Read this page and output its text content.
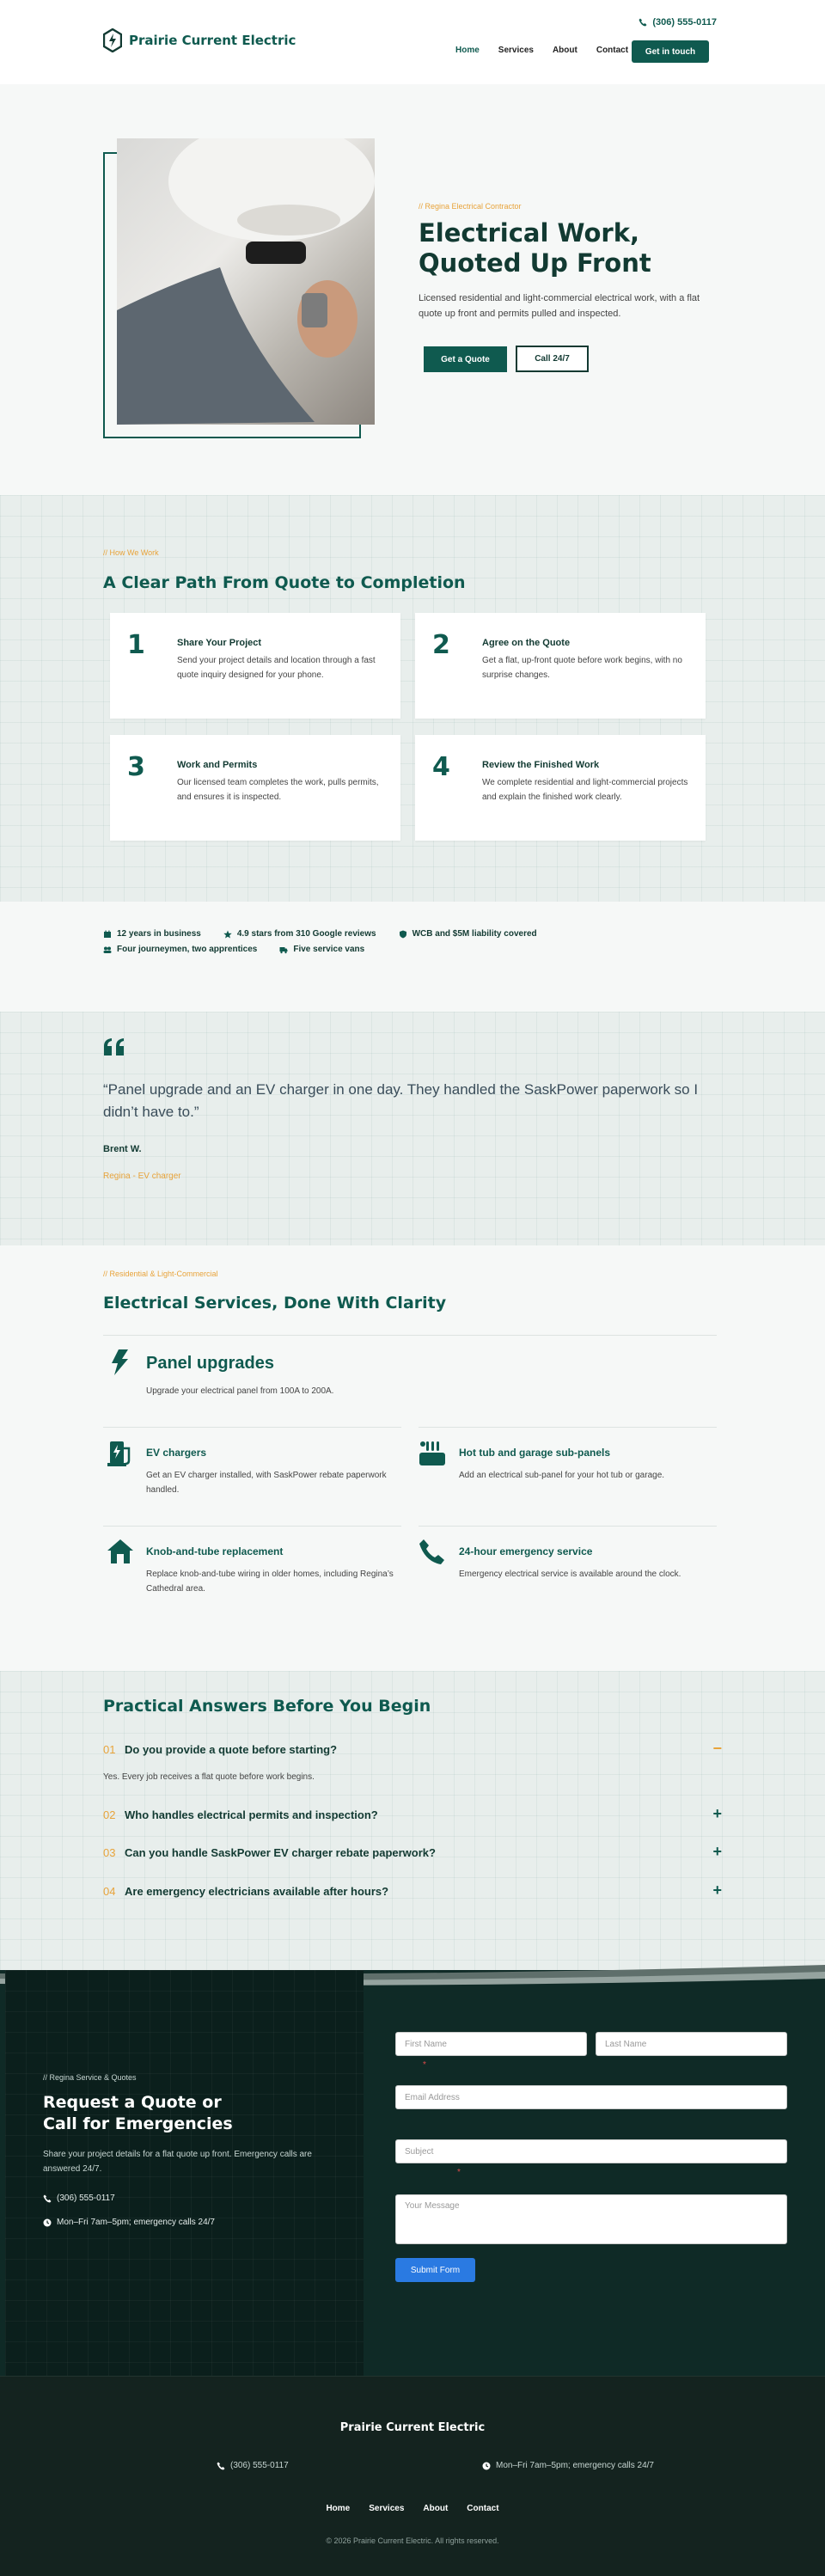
Prairie Current Electric
(306) 555-0117
Home Services About Contact	Get in touch
// Regina Electrical Contractor
Electrical Work, Quoted Up Front

Licensed residential and light-commercial electrical work, with a flat quote up front and permits pulled and inspected.

Get a Quote	Call 24/7
// How We Work
A Clear Path From Quote to Completion
1	Share Your Project
Send your project details and location through a fast quote inquiry designed for your phone.
2	Agree on the Quote
Get a flat, up-front quote before work begins, with no surprise changes.
3	Work and Permits
Our licensed team completes the work, pulls permits, and ensures it is inspected.
4	Review the Finished Work
We complete residential and light-commercial projects and explain the finished work clearly.
12 years in business	4.9 stars from 310 Google reviews	WCB and $5M liability covered
Four journeymen, two apprentices	Five service vans

“Panel upgrade and an EV charger in one day. They handled the SaskPower paperwork so I didn’t have to.”

Brent W.
Regina - EV charger
// Residential & Light-Commercial
Electrical Services, Done With Clarity
Panel upgrades
Upgrade your electrical panel from 100A to 200A.
EV chargers
Get an EV charger installed, with SaskPower rebate paperwork handled.
Hot tub and garage sub-panels
Add an electrical sub-panel for your hot tub or garage.
Knob-and-tube replacement
Replace knob-and-tube wiring in older homes, including Regina’s Cathedral area.
24-hour emergency service
Emergency electrical service is available around the clock.
Practical Answers Before You Begin
01 Do you provide a quote before starting?	−
Yes. Every job receives a flat quote before work begins.
02 Who handles electrical permits and inspection?	+
03 Can you handle SaskPower EV charger rebate paperwork?	+
04 Are emergency electricians available after hours?	+
// Regina Service & Quotes
Request a Quote or Call for Emergencies

Share your project details for a flat quote up front. Emergency calls are answered 24/7.

(306) 555-0117
Mon–Fri 7am–5pm; emergency calls 24/7
First Name	Last Name
*
Email Address
Subject
*
Your Message
Submit Form
Prairie Current Electric
(306) 555-0117	Mon–Fri 7am–5pm; emergency calls 24/7
Home Services About Contact
© 2026 Prairie Current Electric. All rights reserved.
